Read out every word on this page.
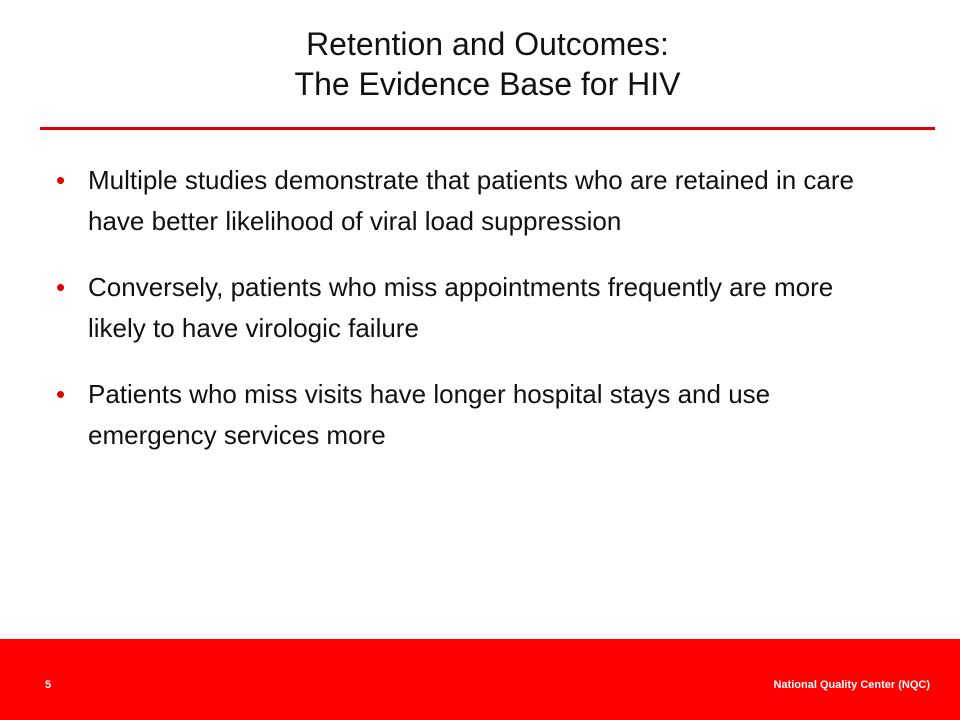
Retention and Outcomes:
The Evidence Base for HIV
• Multiple studies demonstrate that patients who are retained in care have better likelihood of viral load suppression
• Conversely, patients who miss appointments frequently are more likely to have virologic failure
• Patients who miss visits have longer hospital stays and use emergency services more
5	National Quality Center (NQC)
